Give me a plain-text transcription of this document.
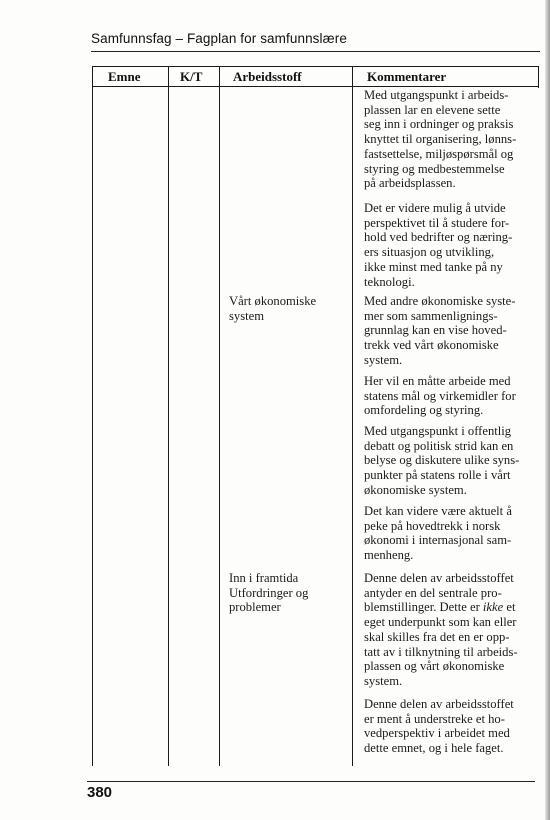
Samfunnsfag – Fagplan for samfunnslære
Emne	K/T Arbeidsstoff	Kommentarer
Vårt økonomiske
system
Inn i framtida
Utfordringer og
problemer
Med utgangspunkt i arbeids-
plassen lar en elevene sette
seg inn i ordninger og praksis
knyttet til organisering, lønns-
fastsettelse, miljøspørsmål og
styring og medbestemmelse
på arbeidsplassen.
Det er videre mulig å utvide
perspektivet til å studere for-
hold ved bedrifter og næring-
ers situasjon og utvikling,
ikke minst med tanke på ny
teknologi.
Med andre økonomiske syste-
mer som sammenlignings-
grunnlag kan en vise hoved-
trekk ved vårt økonomiske
system.
Her vil en måtte arbeide med
statens mål og virkemidler for
omfordeling og styring.
Med utgangspunkt i offentlig
debatt og politisk strid kan en
belyse og diskutere ulike syns-
punkter på statens rolle i vårt
økonomiske system.
Det kan videre være aktuelt å
peke på hovedtrekk i norsk
økonomi i internasjonal sam-
menheng.
Denne delen av arbeidsstoffet
antyder en del sentrale pro-
blemstillinger. Dette er ikke et
eget underpunkt som kan eller
skal skilles fra det en er opp-
tatt av i tilknytning til arbeids-
plassen og vårt økonomiske
system.
Denne delen av arbeidsstoffet
er ment å understreke et ho-
vedperspektiv i arbeidet med
dette emnet, og i hele faget.
380
